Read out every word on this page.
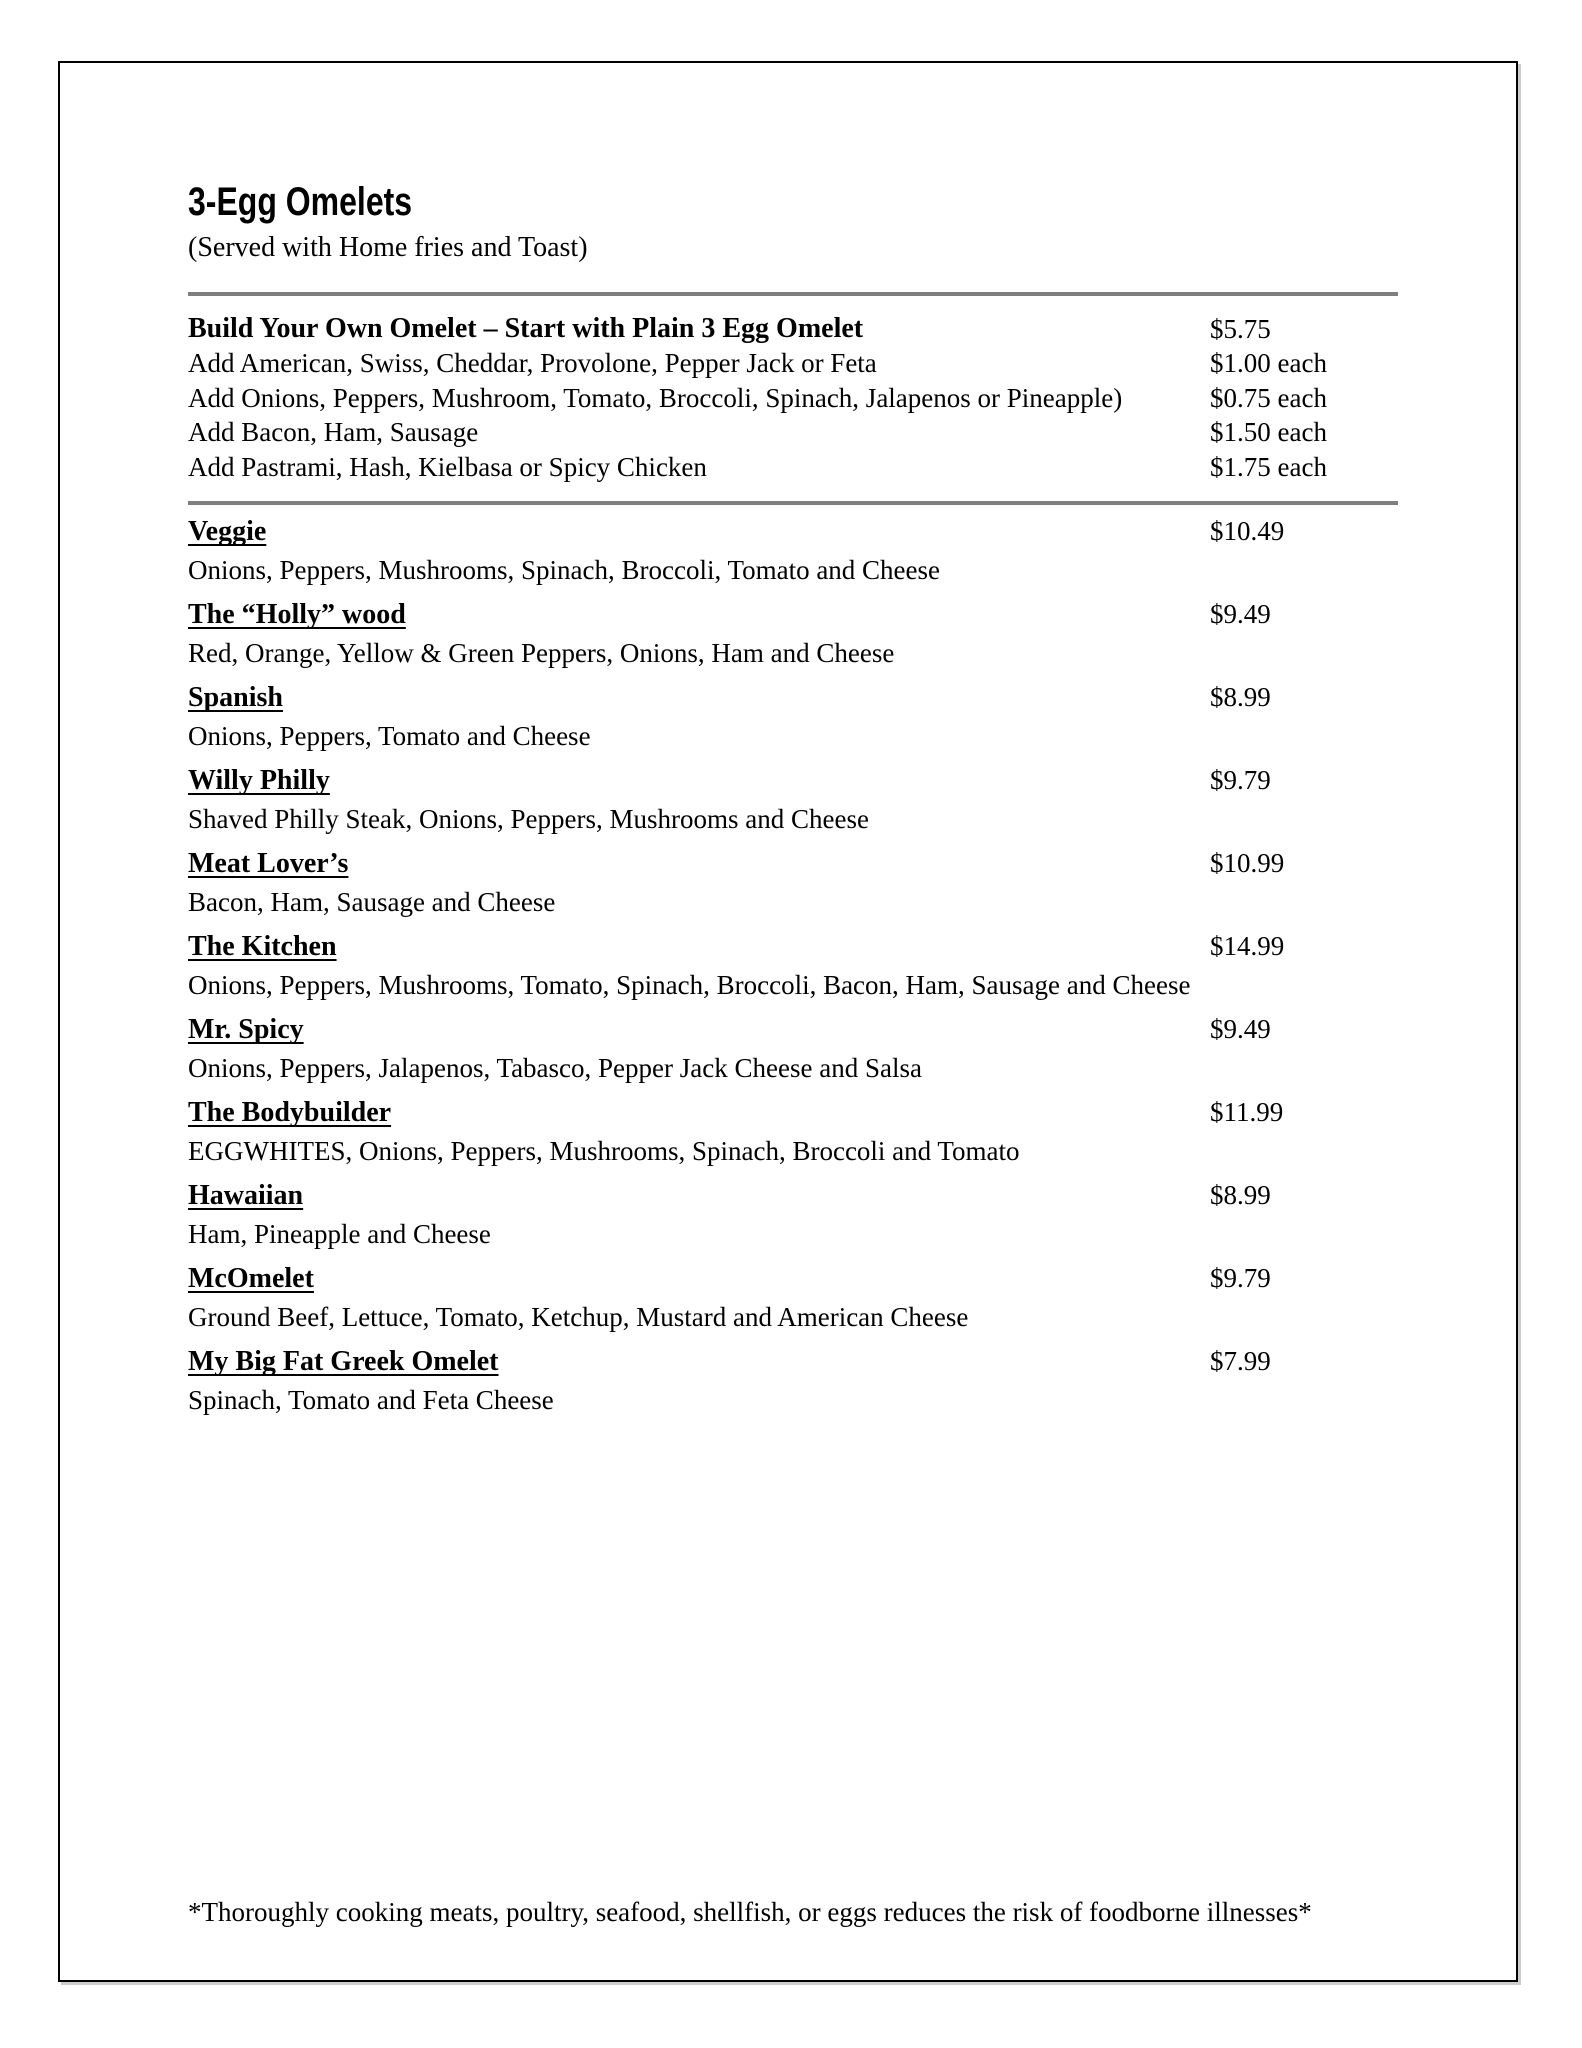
3-Egg Omelets
(Served with Home fries and Toast)
Build Your Own Omelet – Start with Plain 3 Egg Omelet	$5.75
Add American, Swiss, Cheddar, Provolone, Pepper Jack or Feta	$1.00 each
Add Onions, Peppers, Mushroom, Tomato, Broccoli, Spinach, Jalapenos or Pineapple)	$0.75 each
Add Bacon, Ham, Sausage	$1.50 each
Add Pastrami, Hash, Kielbasa or Spicy Chicken	$1.75 each
Veggie	$10.49
Onions, Peppers, Mushrooms, Spinach, Broccoli, Tomato and Cheese
The “Holly” wood	$9.49
Red, Orange, Yellow & Green Peppers, Onions, Ham and Cheese
Spanish	$8.99
Onions, Peppers, Tomato and Cheese
Willy Philly	$9.79
Shaved Philly Steak, Onions, Peppers, Mushrooms and Cheese
Meat Lover’s	$10.99
Bacon, Ham, Sausage and Cheese
The Kitchen	$14.99
Onions, Peppers, Mushrooms, Tomato, Spinach, Broccoli, Bacon, Ham, Sausage and Cheese
Mr. Spicy	$9.49
Onions, Peppers, Jalapenos, Tabasco, Pepper Jack Cheese and Salsa
The Bodybuilder	$11.99
EGGWHITES, Onions, Peppers, Mushrooms, Spinach, Broccoli and Tomato
Hawaiian	$8.99
Ham, Pineapple and Cheese
McOmelet	$9.79
Ground Beef, Lettuce, Tomato, Ketchup, Mustard and American Cheese
My Big Fat Greek Omelet	$7.99
Spinach, Tomato and Feta Cheese
*Thoroughly cooking meats, poultry, seafood, shellfish, or eggs reduces the risk of foodborne illnesses*
